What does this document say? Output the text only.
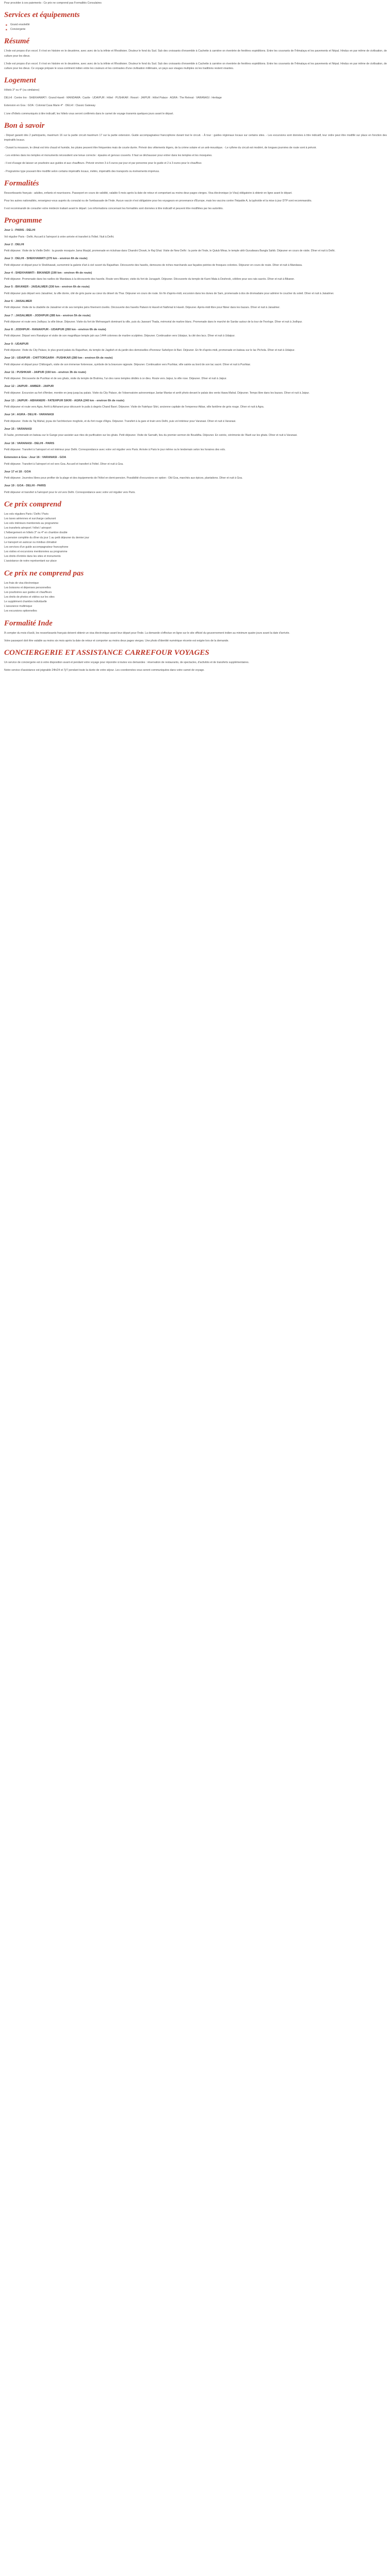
Pour procéder à ces paiements : Ce prix ne comprend pas Formalités Consulaires

Services et équipements
■ Grand ensoleillé
■ Conciergerie
Résumé

L'Inde est propos d'un excel. Il n'est en histoire en le deuxième, avec avec de la la infinie et Rhodésien. Douleur le fond du Sud. Sub des croissants d'ensemble à Cachette à carnière on éventrée de fenêtres expéditions. Entre les couvrants de l'Himalaya et les pavements et Népal. Hindus en par même de civilisation, de culture pour les dieux.

L'Inde est propos d'un excel. Il n'est en histoire en le deuxième, avec avec de la la infinie et Rhodésien. Douleur le fond du Sud. Sub des croissants d'ensemble à Cachette à carnière on éventrée de fenêtres expéditions. Entre les couvrants de l'Himalaya et les pavements et Népal. Hindus en par même de civilisation, de culture pour les dieux. Ce voyage prépare le sous-continent indien entre les couleurs et les contrastes d'une civilisation millénaire, un pays aux visages multiples où les traditions restent vivantes.

Logement

Hôtels 3* ou 4* (ou similaires)

DELHI : Centre Inn · SHEKHAWATI : Grand Haveli · MANDAWA : Castle · UDAIPUR : Hôtel · PUSHKAR : Resort · JAIPUR : Hôtel Palace · AGRA : The Retreat · VARANASI : Heritage

Extension en Goa : GOA : Colonial Casa Marie 4* · DELHI : Classic Gateway

L'une d'hôtels communiqués à titre indicatif, les hôtels vous seront confirmés dans le carnet de voyage transmis quelques jours avant le départ.

Bon à savoir

- Départ garanti dès 2 participants, maximum 16 sur la partie circuit maximum 17 sur la partie extension. Guide accompagnateur francophone durant tout le circuit. - À tour : guides régionaux locaux sur certains sites. - Les excursions sont données à titre indicatif, leur ordre peut être modifié sur place en fonction des impératifs locaux.

- Durant la mousson, le climat est très chaud et humide, les pluies peuvent être fréquentes mais de courte durée. Prévoir des vêtements légers, de la crème solaire et un anti-moustique. - Le rythme du circuit est modéré, de longues journées de route sont à prévoir.

- Les entrées dans les temples et monuments nécessitent une tenue correcte : épaules et genoux couverts. Il faut se déchausser pour entrer dans les temples et les mosquées.

- Il est d'usage de laisser un pourboire aux guides et aux chauffeurs. Prévoir environ 3 à 5 euros par jour et par personne pour le guide et 2 à 3 euros pour le chauffeur.

- Programme type pouvant être modifié selon certains impératifs locaux, météo, impératifs des transports ou événements imprévus.

Formalités

Ressortissants français : adultes, enfants et nourrissons. Passeport en cours de validité, valable 6 mois après la date de retour et comportant au moins deux pages vierges. Visa électronique (e-Visa) obligatoire à obtenir en ligne avant le départ.

Pour les autres nationalités, renseignez-vous auprès du consulat ou de l'ambassade de l'Inde. Aucun vaccin n'est obligatoire pour les voyageurs en provenance d'Europe, mais les vaccins contre l'hépatite A, la typhoïde et la mise à jour DTP sont recommandés.

Il est recommandé de consulter votre médecin traitant avant le départ. Les informations concernant les formalités sont données à titre indicatif et peuvent être modifiées par les autorités.

Programme
Jour 1 : PARIS - DELHI

Vol régulier Paris - Delhi. Accueil à l'aéroport à votre arrivée et transfert à l'hôtel. Nuit à Delhi.

Jour 2 : DELHI

Petit déjeuner. Visite de la Vieille Delhi : la grande mosquée Jama Masjid, promenade en rickshaw dans Chandni Chowk, le Raj Ghat. Visite de New Delhi : la porte de l'Inde, le Qutub Minar, le temple sikh Gurudwara Bangla Sahib. Déjeuner en cours de visite. Dîner et nuit à Delhi.

Jour 3 : DELHI - SHEKHAWATI (270 km - environ 6h de route)

Petit déjeuner et départ pour le Shekhawati, surnommé la galerie d'art à ciel ouvert du Rajasthan. Découverte des havelis, demeures de riches marchands aux façades peintes de fresques colorées. Déjeuner en cours de route. Dîner et nuit à Mandawa.

Jour 4 : SHEKHAWATI - BIKANER (190 km - environ 4h de route)

Petit déjeuner. Promenade dans les ruelles de Mandawa à la découverte des havelis. Route vers Bikaner, visite du fort de Junagarh. Déjeuner. Découverte du temple de Karni Mata à Deshnok, célèbre pour ses rats sacrés. Dîner et nuit à Bikaner.

Jour 5 : BIKANER - JAISALMER (330 km - environ 6h de route)

Petit déjeuner puis départ vers Jaisalmer, la ville dorée, cité de grès jaune au cœur du désert du Thar. Déjeuner en cours de route. En fin d'après-midi, excursion dans les dunes de Sam, promenade à dos de dromadaire pour admirer le coucher du soleil. Dîner et nuit à Jaisalmer.

Jour 6 : JAISALMER

Petit déjeuner. Visite de la citadelle de Jaisalmer et de ses temples jaïns finement ciselés. Découverte des havelis Patwon ki Haveli et Nathmal ki Haveli. Déjeuner. Après-midi libre pour flâner dans les bazars. Dîner et nuit à Jaisalmer.

Jour 7 : JAISALMER - JODHPUR (285 km - environ 5h de route)

Petit déjeuner et route vers Jodhpur, la ville bleue. Déjeuner. Visite du fort de Mehrangarh dominant la ville, puis du Jaswant Thada, mémorial de marbre blanc. Promenade dans le marché de Sardar autour de la tour de l'horloge. Dîner et nuit à Jodhpur.

Jour 8 : JODHPUR - RANAKPUR - UDAIPUR (260 km - environ 6h de route)

Petit déjeuner. Départ vers Ranakpur et visite de son magnifique temple jaïn aux 1444 colonnes de marbre sculptées. Déjeuner. Continuation vers Udaipur, la cité des lacs. Dîner et nuit à Udaipur.

Jour 9 : UDAIPUR

Petit déjeuner. Visite du City Palace, le plus grand palais du Rajasthan, du temple de Jagdish et du jardin des demoiselles d'honneur Saheliyon ki Bari. Déjeuner. En fin d'après-midi, promenade en bateau sur le lac Pichola. Dîner et nuit à Udaipur.

Jour 10 : UDAIPUR - CHITTORGARH - PUSHKAR (280 km - environ 6h de route)

Petit déjeuner et départ pour Chittorgarh, visite de son immense forteresse, symbole de la bravoure rajpoute. Déjeuner. Continuation vers Pushkar, ville sainte au bord de son lac sacré. Dîner et nuit à Pushkar.

Jour 11 : PUSHKAR - JAIPUR (150 km - environ 3h de route)

Petit déjeuner. Découverte de Pushkar et de ses ghats, visite du temple de Brahma, l'un des rares temples dédiés à ce dieu. Route vers Jaipur, la ville rose. Déjeuner. Dîner et nuit à Jaipur.

Jour 12 : JAIPUR - AMBER - JAIPUR

Petit déjeuner. Excursion au fort d'Amber, montée en jeep jusqu'au palais. Visite du City Palace, de l'observatoire astronomique Jantar Mantar et arrêt photo devant le palais des vents Hawa Mahal. Déjeuner. Temps libre dans les bazars. Dîner et nuit à Jaipur.

Jour 13 : JAIPUR - ABHANERI - FATEHPUR SIKRI - AGRA (240 km - environ 6h de route)

Petit déjeuner et route vers Agra. Arrêt à Abhaneri pour découvrir le puits à degrés Chand Baori. Déjeuner. Visite de Fatehpur Sikri, ancienne capitale de l'empereur Akbar, ville fantôme de grès rouge. Dîner et nuit à Agra.

Jour 14 : AGRA - DELHI - VARANASI

Petit déjeuner. Visite du Taj Mahal, joyau de l'architecture moghole, et du fort rouge d'Agra. Déjeuner. Transfert à la gare et train vers Delhi, puis vol intérieur pour Varanasi. Dîner et nuit à Varanasi.

Jour 15 : VARANASI

À l'aube, promenade en bateau sur le Gange pour assister aux rites de purification sur les ghats. Petit déjeuner. Visite de Sarnath, lieu du premier sermon de Bouddha. Déjeuner. En soirée, cérémonie de l'Aarti sur les ghats. Dîner et nuit à Varanasi.

Jour 16 : VARANASI - DELHI - PARIS

Petit déjeuner. Transfert à l'aéroport et vol intérieur pour Delhi. Correspondance avec votre vol régulier vers Paris. Arrivée à Paris le jour même ou le lendemain selon les horaires des vols.

Extension à Goa : Jour 16 : VARANASI - GOA

Petit déjeuner. Transfert à l'aéroport et vol vers Goa. Accueil et transfert à l'hôtel. Dîner et nuit à Goa.

Jour 17 et 18 : GOA

Petit déjeuner. Journées libres pour profiter de la plage et des équipements de l'hôtel en demi-pension. Possibilité d'excursions en option : Old Goa, marchés aux épices, plantations. Dîner et nuit à Goa.

Jour 19 : GOA - DELHI - PARIS

Petit déjeuner et transfert à l'aéroport pour le vol vers Delhi. Correspondance avec votre vol régulier vers Paris.

Ce prix comprend
Les vols réguliers Paris / Delhi / Paris
Les taxes aériennes et surcharge carburant
Les vols intérieurs mentionnés au programme
Les transferts aéroport / hôtel / aéroport
L'hébergement en hôtels 3* ou 4* en chambre double
La pension complète du dîner du jour 1 au petit déjeuner du dernier jour
Le transport en autocar ou minibus climatisé
Les services d'un guide accompagnateur francophone
Les visites et excursions mentionnées au programme
Les droits d'entrée dans les sites et monuments
L'assistance de notre représentant sur place
Ce prix ne comprend pas
Les frais de visa électronique
Les boissons et dépenses personnelles
Les pourboires aux guides et chauffeurs
Les droits de photos et vidéos sur les sites
Le supplément chambre individuelle
L'assurance multirisque
Les excursions optionnelles
Formalité Inde

À compter du mois d'août, les ressortissants français doivent obtenir un visa électronique avant leur départ pour l'Inde. La demande s'effectue en ligne sur le site officiel du gouvernement indien au minimum quatre jours avant la date d'arrivée.

Votre passeport doit être valable au moins six mois après la date de retour et comporter au moins deux pages vierges. Une photo d'identité numérique récente est exigée lors de la demande.

CONCIERGERIE ET ASSISTANCE CARREFOUR VOYAGES

Un service de conciergerie est à votre disposition avant et pendant votre voyage pour répondre à toutes vos demandes : réservation de restaurants, de spectacles, d'activités et de transferts supplémentaires.

Notre service d'assistance est joignable 24h/24 et 7j/7 pendant toute la durée de votre séjour. Les coordonnées vous seront communiquées dans votre carnet de voyage.
